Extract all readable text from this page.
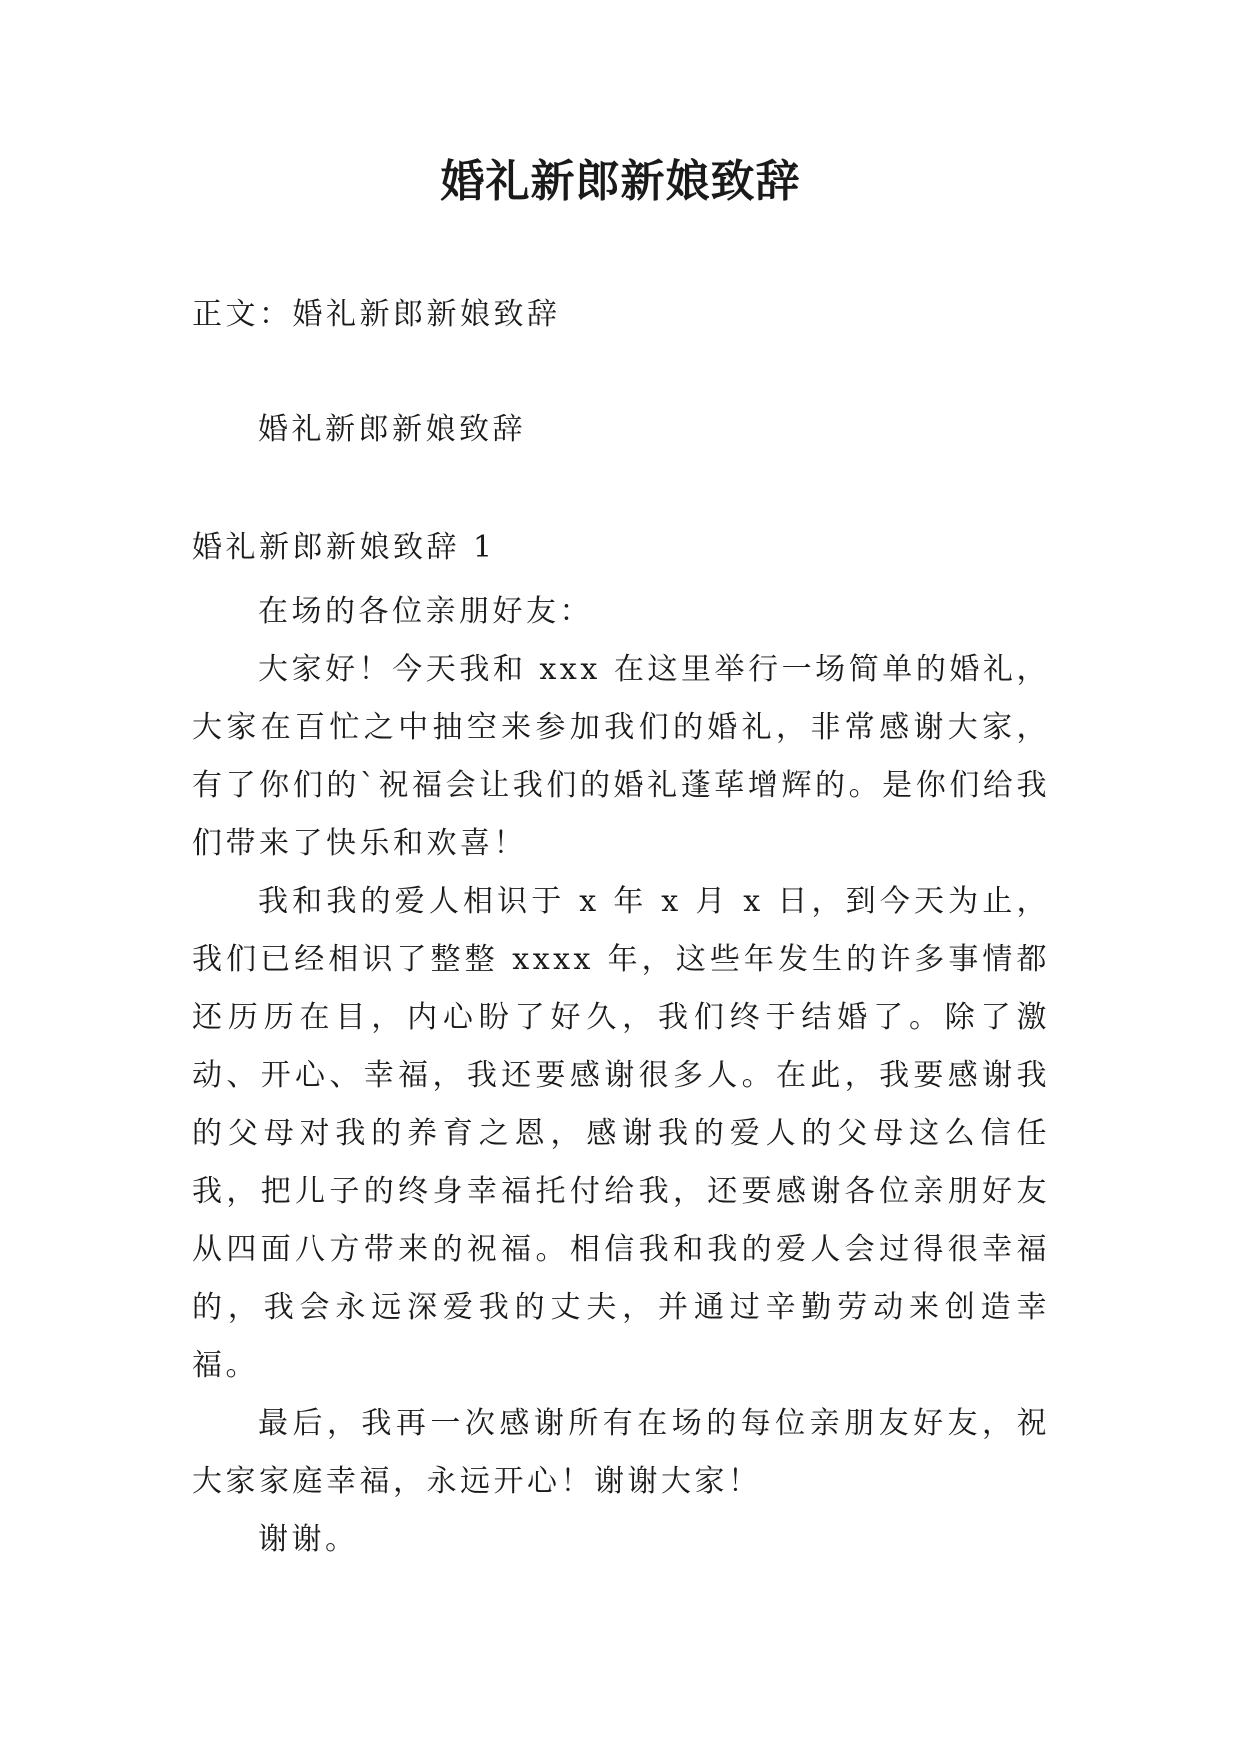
婚礼新郎新娘致辞
正文：婚礼新郎新娘致辞
婚礼新郎新娘致辞
婚礼新郎新娘致辞 1

在场的各位亲朋好友：

大家好！今天我和 xxx 在这里举行一场简单的婚礼，大家在百忙之中抽空来参加我们的婚礼，非常感谢大家，有了你们的`祝福会让我们的婚礼蓬荜增辉的。是你们给我们带来了快乐和欢喜！

我和我的爱人相识于 x 年 x 月 x 日，到今天为止，我们已经相识了整整 xxxx 年，这些年发生的许多事情都还历历在目，内心盼了好久，我们终于结婚了。除了激动、开心、幸福，我还要感谢很多人。在此，我要感谢我的父母对我的养育之恩，感谢我的爱人的父母这么信任我，把儿子的终身幸福托付给我，还要感谢各位亲朋好友从四面八方带来的祝福。相信我和我的爱人会过得很幸福的，我会永远深爱我的丈夫，并通过辛勤劳动来创造幸福。

最后，我再一次感谢所有在场的每位亲朋友好友，祝大家家庭幸福，永远开心！谢谢大家！

谢谢。
